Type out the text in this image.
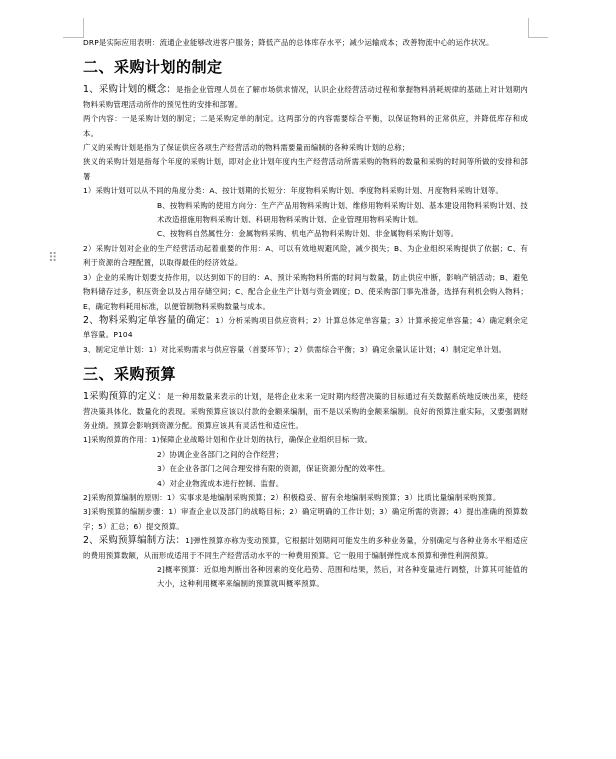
⠿

DRP是实际应用表明：流通企业能够改进客户服务；降低产品的总体库存水平；减少运输成本；改善物流中心的运作状况。

二、采购计划的制定

1、采购计划的概念：是指企业管理人员在了解市场供求情况，认识企业经营活动过程和掌握物料消耗规律的基础上对计划期内物料采购管理活动所作的预见性的安排和部署。

两个内容：一是采购计划的制定；二是采购定单的制定。这两部分的内容需要综合平衡，以保证物料的正常供应，并降低库存和成本。

广义的采购计划是指为了保证供应各项生产经营活动的物料需要量而编制的各种采购计划的总称；

狭义的采购计划是指每个年度的采购计划，即对企业计划年度内生产经营活动所需采购的物料的数量和采购的时间等所做的安排和部署

1）采购计划可以从不同的角度分类：A、按计划期的长短分：年度物料采购计划、季度物料采购计划、月度物料采购计划等。

B、按物料采购的使用方向分：生产产品用物料采购计划、维修用物料采购计划、基本建设用物料采购计划、技术改造措施用物料采购计划、科研用物料采购计划、企业管理用物料采购计划。

C、按物料自然属性分：金属物料采购、机电产品物料采购计划、非金属物料采购计划等。

2）采购计划对企业的生产经营活动起着重要的作用：A、可以有效地规避风险，减少损失；B、为企业组织采购提供了依据；C、有利于资源的合理配置，以取得最佳的经济效益。

3）企业的采购计划要支持作用，以达到如下的目的：A、预计采购物料所需的时间与数量，防止供应中断，影响产销活动；B、避免物料储存过多，积压资金以及占用存储空间；C、配合企业生产计划与资金调度；D、使采购部门事先准备，选择有利机会购入物料；E、确定物料耗用标准，以便管制物料采购数量与成本。

2、物料采购定单容量的确定：1）分析采购项目供应资料；2）计算总体定单容量；3）计算承接定单容量；4）确定剩余定单容量。P104

3、制定定单计划：1）对比采购需求与供应容量（首要环节）；2）供需综合平衡；3）确定余量认证计划；4）制定定单计划。

三、采购预算

1采购预算的定义：是一种用数量来表示的计划，是将企业未来一定时期内经营决策的目标通过有关数据系统地反映出来，使经营决策具体化、数量化的表现。采购预算应该以付款的金额来编制，而不是以采购的金额来编制。良好的预算注重实际，又要强调财务业绩。预算会影响到资源分配。预算应该具有灵活性和适应性。

1]采购预算的作用：1)保障企业战略计划和作业计划的执行，确保企业组织目标一致。

2）协调企业各部门之间的合作经营；

3）在企业各部门之间合理安排有限的资源，保证资源分配的效率性。

4）对企业物流成本进行控制、监督。

2]采购预算编制的原则：1）实事求是地编制采购预算；2）积极稳妥、留有余地编制采购预算；3）比质比量编制采购预算。

3]采购预算的编制步骤：1）审查企业以及部门的战略目标；2）确定明确的工作计划；3）确定所需的资源；4）提出准确的预算数字；5）汇总；6）提交预算。

2、采购预算编制方法：1]弹性预算亦称为变动预算，它根据计划期间可能发生的多种业务量，分别确定与各种业务水平相适应的费用预算数额，从而形成适用于不同生产经营活动水平的一种费用预算。它一般用于编制弹性成本预算和弹性利润预算。

2]概率预算：近似地判断出各种因素的变化趋势、范围和结果，然后，对各种变量进行调整，计算其可能值的大小，这种利用概率来编制的预算就叫概率预算。
